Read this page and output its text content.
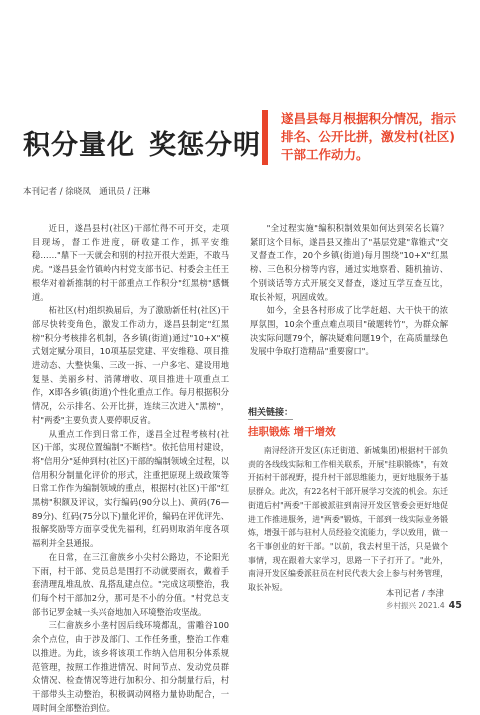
积分量化 奖惩分明
遂昌县每月根据积分情况，指示排名、公开比拼，激发村(社区)干部工作动力。
本刊记者 / 徐晓凤　通讯员 / 汪琳

近日，遂昌县村(社区)干部忙得不可开交，走项目现场，督工作进度，研收建工作，抓平安维稳……"鼎下一天就会和别的村拉开很大差距，不敢马虎。"遂昌县金竹镇岭内村党支部书记、村委会主任王根华对着新推制的村干部重点工作积分"红黑榜"感慨道。

柘社区(村)组织换届后，为了激励新任村(社区)干部尽快转变角色，激发工作动力，遂昌县制定"红黑榜"积分考核排名机制，各乡镇(街道)通过"10+X"模式划定赋分项目，10项基层党建、平安维稳、项目推进动态、大整快集、三改一拆、一户多宅、建设用地复垦、美丽乡村、消薄增收、项目推进十项重点工作，X即各乡镇(街道)个性化重点工作。每月根据积分情况，公示排名、公开比拼，连续三次进入"黑榜"，村"两委"主要负责人要停职反省。

从重点工作到日常工作，遂昌全过程考核村(社区)干部，实现位置编制"不断档"。依托信用村建设，将"信用分"延伸到村(社区)干部的编制领域全过程，以信用积分制量化评价的形式，注重把原现上级政策等日常工作作为编制领域的重点，根据村(社区)干部"红黑榜"积额及评议，实行编码(90分以上)、黄码(76—89分)、红码(75分以下)量化评价，编码在评优评先、报解奖励等方面享受优先福利，红码则取消年度各项福利并全县通报。

在日常，在三江畲族乡小尖村公路边，不论阳光下雨，村干部、党员总是围打不动就要雨衣，戴着手套清理乱堆乱放、乱搭乱建点位。"完成这项整治，我们每个村干部加2分，那可是不小的分值。"村党总支部书记罗金城一头兴奋地加入环境整治攻坚战。

三仁畲族乡小垄村因后线环境都乱，雷雕谷100余个点位，由于涉及部门、工作任务重，整治工作难以推进。为此，该乡将该项工作纳入信用积分体系规范管理，按照工作推进情况、时间节点、发动党员群众情况、检查情况等进行加积分、扣分制量行后，村干部带头主动整治，积极调动网格力量协助配合，一周时间全部整治到位。

"全过程实施"编积积制效果如何达到荣名长篇？紧盯这个目标，遂昌县又推出了"基层党建"靠锥式"交叉督查工作，20个乡镇(街道)每月围绕"10+X"红黑榜、三色积分榜等内容，通过实地察看、随机抽访、个别谈话等方式开展交叉督查，遂过互学互查互比，取长补短，巩固成效。

如今，全县各村形成了比学赶超、大干快干的浓厚氛围，10余个重点难点项目"破题转竹"，为群众解决实际问题79个，解决疑难问题19个，在高质量绿色发展中争取打造精品"重要窗口"。

相关链接：
挂职锻炼 增干增效

南浔经济开发区(东迁街道、新城集团)根据村干部负责的各线线实际和工作相关联系，开展"挂职锻炼"，有效开拓村干部视野，提升村干部思维能力，更好地服务于基层群众。此次，有22名村干部开展学习交流的机会。东迁街道后村"两委"干部被派驻到南浔开发区管委会更好地促进工作推进服务，进"两委"锻炼，干部到一线实际业务锻炼，增强干部与驻村人员经验交流能力，学以致用，做一名干事创业的好干部。"以前，我去村里干活，只是做个事情，现在跟着大家学习，思路一下子打开了。"此外，南浔开发区编委派驻员在村民代表大会上参与村务管理，取长补短。

本刊记者 / 李津
乡村振兴 2021.4 45
